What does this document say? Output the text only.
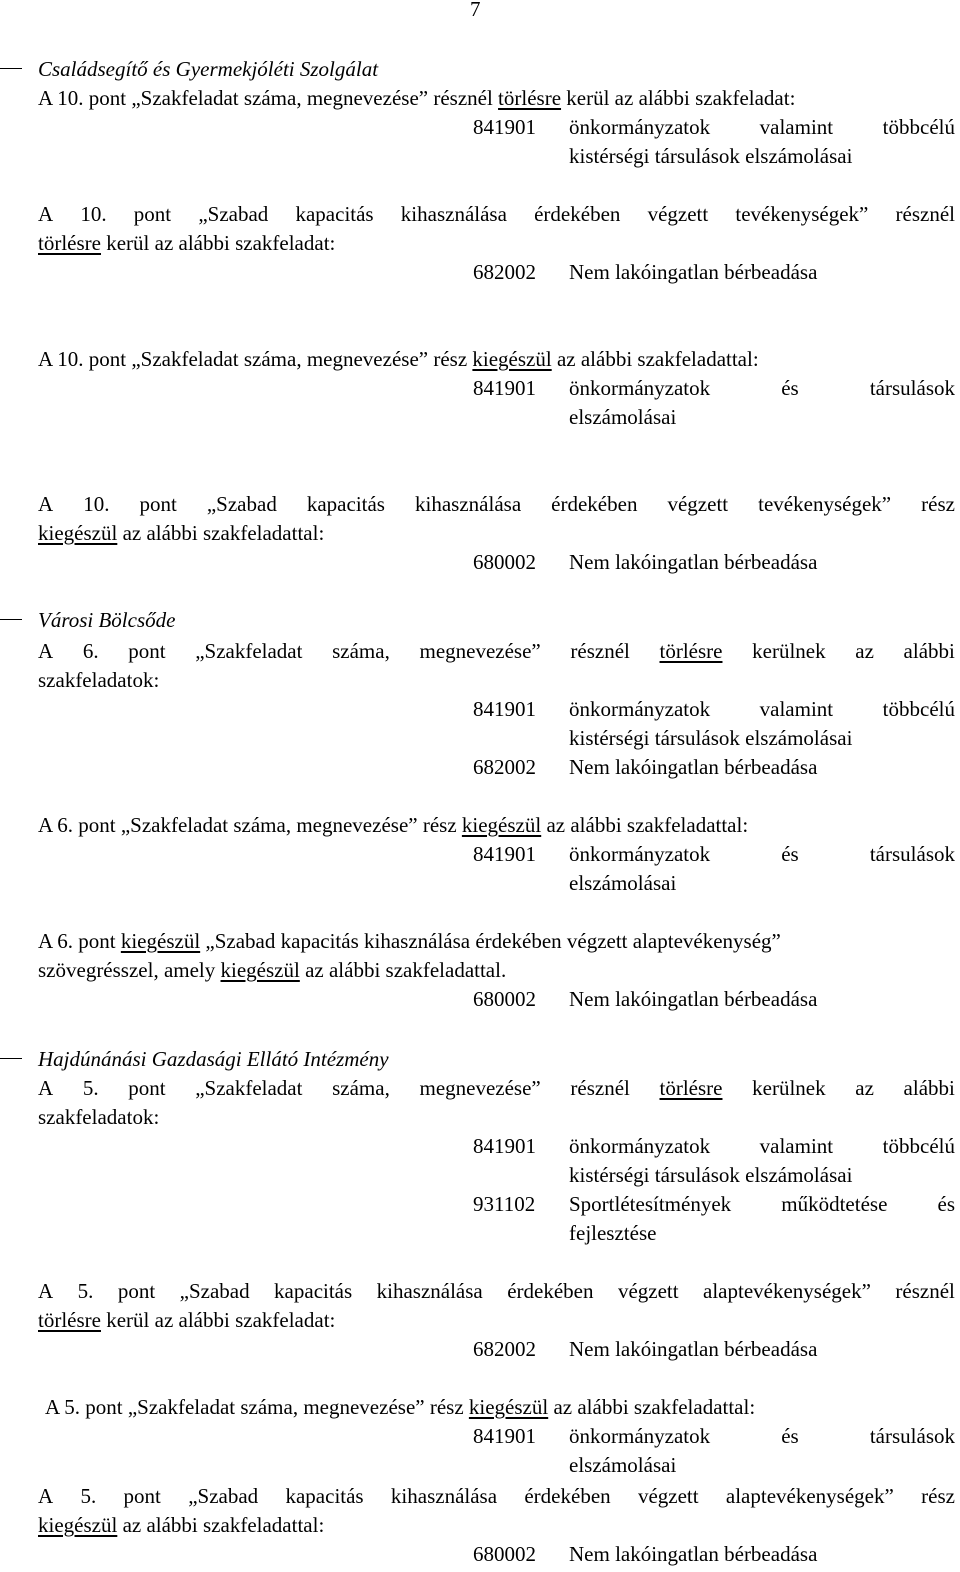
7
Családsegítő és Gyermekjóléti Szolgálat
A 10. pont „Szakfeladat száma, megnevezése” résznél törlésre kerül az alábbi szakfeladat:
841901 önkormányzatok valamint többcélú
kistérségi társulások elszámolásai
A 10. pont „Szabad kapacitás kihasználása érdekében végzett tevékenységek” résznél
törlésre kerül az alábbi szakfeladat:
682002 Nem lakóingatlan bérbeadása
A 10. pont „Szakfeladat száma, megnevezése” rész kiegészül az alábbi szakfeladattal:
841901 önkormányzatok	és	társulások
elszámolásai
A 10. pont „Szabad kapacitás kihasználása érdekében végzett tevékenységek” rész
kiegészül az alábbi szakfeladattal:
680002 Nem lakóingatlan bérbeadása
Városi Bölcsőde
A 6. pont „Szakfeladat száma, megnevezése” résznél törlésre kerülnek az alábbi
szakfeladatok:
841901 önkormányzatok valamint többcélú
kistérségi társulások elszámolásai
682002 Nem lakóingatlan bérbeadása
A 6. pont „Szakfeladat száma, megnevezése” rész kiegészül az alábbi szakfeladattal:
841901 önkormányzatok	és	társulások
elszámolásai
A 6. pont kiegészül „Szabad kapacitás kihasználása érdekében végzett alaptevékenység”
szövegrésszel, amely kiegészül az alábbi szakfeladattal.
680002 Nem lakóingatlan bérbeadása
Hajdúnánási Gazdasági Ellátó Intézmény
A 5. pont „Szakfeladat száma, megnevezése” résznél törlésre kerülnek az alábbi
szakfeladatok:
841901 önkormányzatok valamint többcélú
kistérségi társulások elszámolásai
931102 Sportlétesítmények működtetése és
fejlesztése
A 5. pont „Szabad kapacitás kihasználása érdekében végzett alaptevékenységek” résznél
törlésre kerül az alábbi szakfeladat:
682002 Nem lakóingatlan bérbeadása
A 5. pont „Szakfeladat száma, megnevezése” rész kiegészül az alábbi szakfeladattal:
841901 önkormányzatok	és	társulások
elszámolásai
A 5. pont „Szabad kapacitás kihasználása érdekében végzett alaptevékenységek” rész
kiegészül az alábbi szakfeladattal:
680002 Nem lakóingatlan bérbeadása
